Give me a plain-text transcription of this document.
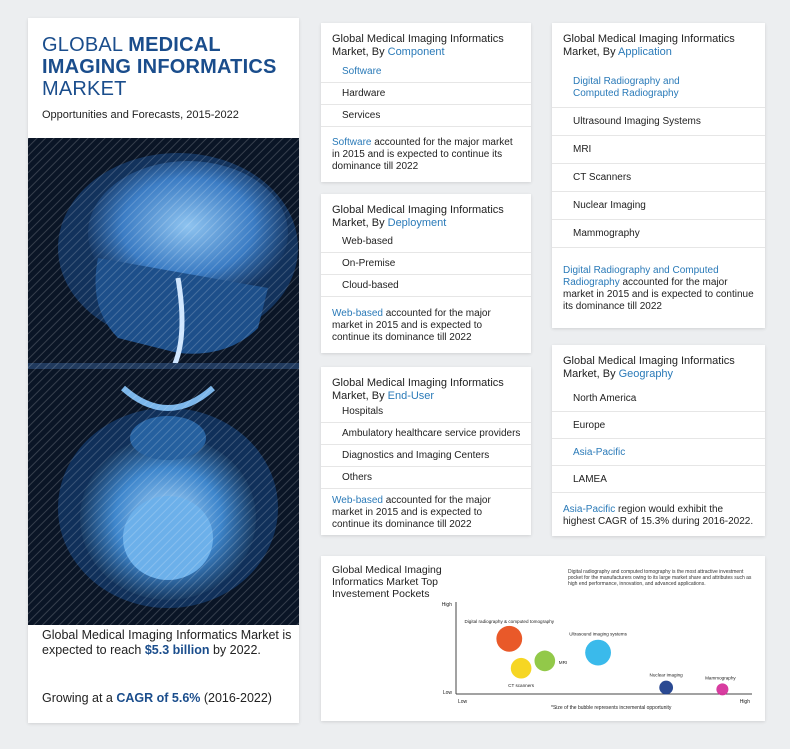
GLOBAL MEDICAL
IMAGING INFORMATICS
MARKET
Opportunities and Forecasts, 2015-2022
Global Medical Imaging Informatics Market is expected to reach $5.3 billion by 2022.
Growing at a CAGR of 5.6% (2016-2022)
Global Medical Imaging Informatics Market, By Component
Software
Hardware
Services
Software accounted for the major market in 2015 and is expected to continue its dominance till 2022
Global Medical Imaging Informatics Market, By Deployment
Web-based
On-Premise
Cloud-based
Web-based accounted for the major market in 2015 and is expected to continue its dominance till 2022
Global Medical Imaging Informatics Market, By End-User
Hospitals
Ambulatory healthcare service providers
Diagnostics and Imaging Centers
Others
Web-based accounted for the major market in 2015 and is expected to continue its dominance till 2022
Global Medical Imaging Informatics Market, By Application
Digital Radiography and Computed Radiography
Ultrasound Imaging Systems
MRI
CT Scanners
Nuclear Imaging
Mammography
Digital Radiography and Computed Radiography accounted for the major market in 2015 and is expected to continue its dominance till 2022
Global Medical Imaging Informatics Market, By Geography
North America
Europe
Asia-Pacific
LAMEA
Asia-Pacific region would exhibit the highest CAGR of 15.3% during 2016-2022.
Global Medical Imaging Informatics Market Top Investement Pockets
Digital radiography and computed tomography is the most attractive investment pocket for the manufacturers owing to its large market share and attributes such as high end performance, innovation, and advanced applications.
High
Low
Low	High
*Size of the bubble represents incremental opportunity
Digital radiography & computed tomography
MRI
CT scanners
Ultrasound imaging systems
Nuclear imaging
Mammography
